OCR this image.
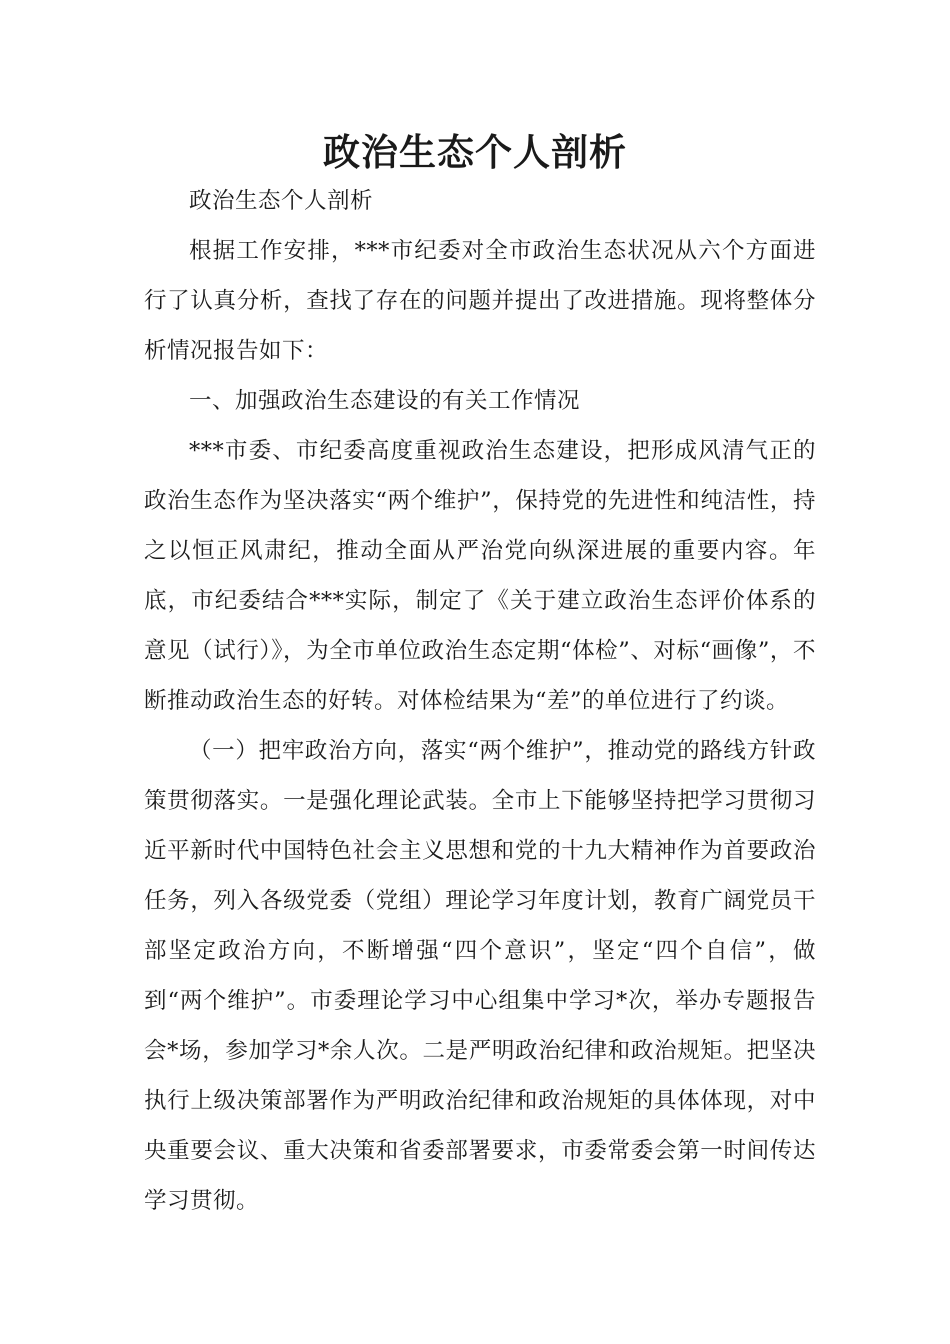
政治生态个人剖析

政治生态个人剖析

根据工作安排，***市纪委对全市政治生态状况从六个方面进行了认真分析，查找了存在的问题并提出了改进措施。现将整体分析情况报告如下：

一、加强政治生态建设的有关工作情况

***市委、市纪委高度重视政治生态建设，把形成风清气正的政治生态作为坚决落实“两个维护”，保持党的先进性和纯洁性，持之以恒正风肃纪，推动全面从严治党向纵深进展的重要内容。年底，市纪委结合***实际，制定了《关于建立政治生态评价体系的意见（试行）》，为全市单位政治生态定期“体检”、对标“画像”，不断推动政治生态的好转。对体检结果为“差”的单位进行了约谈。

（一）把牢政治方向，落实“两个维护”，推动党的路线方针政策贯彻落实。一是强化理论武装。全市上下能够坚持把学习贯彻习近平新时代中国特色社会主义思想和党的十九大精神作为首要政治任务，列入各级党委（党组）理论学习年度计划，教育广阔党员干部坚定政治方向，不断增强“四个意识”，坚定“四个自信”，做到“两个维护”。市委理论学习中心组集中学习*次，举办专题报告会*场，参加学习*余人次。二是严明政治纪律和政治规矩。把坚决执行上级决策部署作为严明政治纪律和政治规矩的具体体现，对中央重要会议、重大决策和省委部署要求，市委常委会第一时间传达学习贯彻。
